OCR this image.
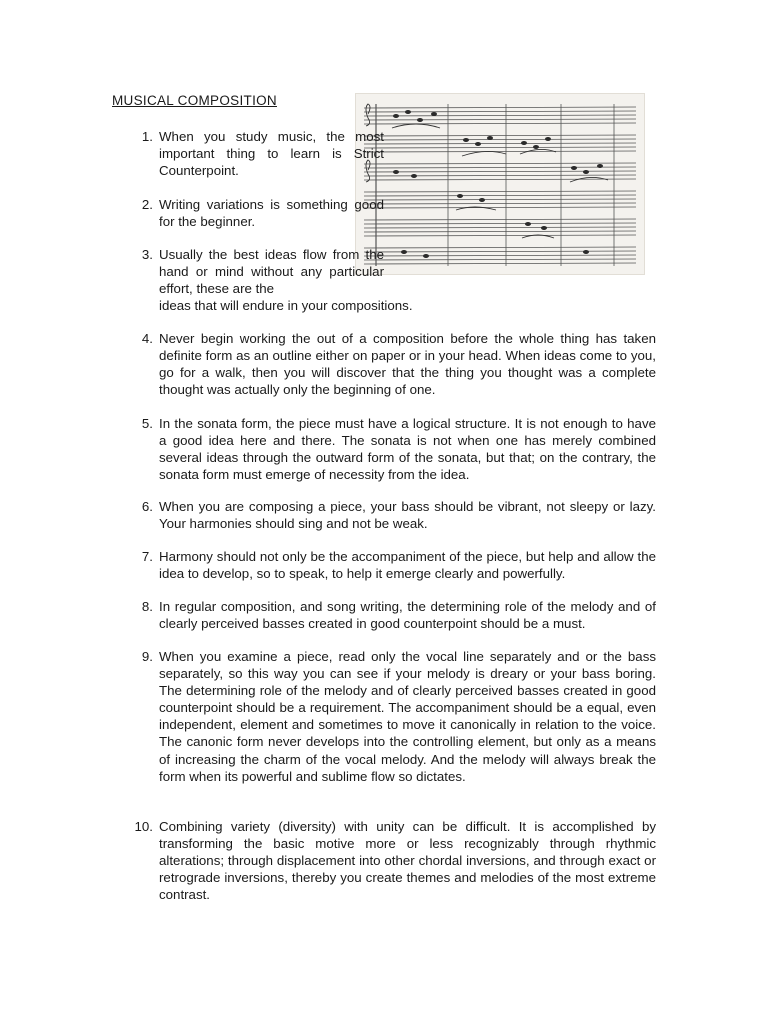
MUSICAL COMPOSITION
1. When you study music, the most important thing to learn is Strict Counterpoint.
2. Writing variations is something good for the beginner.
3. Usually the best ideas flow from the hand or mind without any particular effort, these are the
ideas that will endure in your compositions.
4. Never begin working the out of a composition before the whole thing has taken definite form as an outline either on paper or in your head. When ideas come to you, go for a walk, then you will discover that the thing you thought was a complete thought was actually only the beginning of one.
5. In the sonata form, the piece must have a logical structure. It is not enough to have a good idea here and there. The sonata is not when one has merely combined several ideas through the outward form of the sonata, but that; on the contrary, the sonata form must emerge of necessity from the idea.
6. When you are composing a piece, your bass should be vibrant, not sleepy or lazy. Your harmonies should sing and not be weak.
7. Harmony should not only be the accompaniment of the piece, but help and allow the idea to develop, so to speak, to help it emerge clearly and powerfully.
8. In regular composition, and song writing, the determining role of the melody and of clearly perceived basses created in good counterpoint should be a must.
9. When you examine a piece, read only the vocal line separately and or the bass separately, so this way you can see if your melody is dreary or your bass boring. The determining role of the melody and of clearly perceived basses created in good counterpoint should be a requirement. The accompaniment should be a equal, even independent, element and sometimes to move it canonically in relation to the voice. The canonic form never develops into the controlling element, but only as a means of increasing the charm of the vocal melody. And the melody will always break the form when its powerful and sublime flow so dictates.
10. Combining variety (diversity) with unity can be difficult. It is accomplished by transforming the basic motive more or less recognizably through rhythmic alterations; through displacement into other chordal inversions, and through exact or retrograde inversions, thereby you create themes and melodies of the most extreme contrast.
